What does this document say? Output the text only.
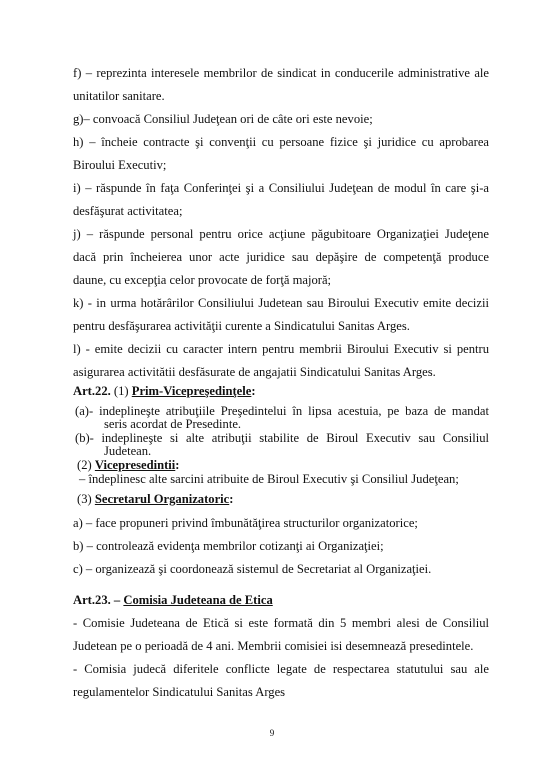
f) – reprezinta interesele membrilor de sindicat in conducerile administrative ale
unitatilor sanitare.
g)– convoacă Consiliul Judeţean ori de câte ori este nevoie;
h) – încheie contracte şi convenţii cu persoane fizice şi juridice cu aprobarea
Biroului Executiv;
i) – răspunde în faţa Conferinţei şi a Consiliului Judeţean de modul în care şi-a
desfăşurat activitatea;
j) – răspunde personal pentru orice acţiune păgubitoare Organizaţiei Judeţene
dacă prin încheierea unor acte juridice sau depăşire de competenţă produce
daune, cu excepţia celor provocate de forţă majoră;
k) - in urma hotărârilor Consiliului Judetean sau Biroului Executiv emite decizii
pentru desfăşurarea activităţii curente a Sindicatului Sanitas Arges.
l) - emite decizii cu caracter intern pentru membrii Biroului Executiv si pentru
asigurarea activitătii desfăsurate de angajatii Sindicatului Sanitas Arges.
Art.22. (1) Prim-Vicepreşedinţele:
(a)- indeplineşte atribuţiile Preşedintelui în lipsa acestuia, pe baza de mandat
seris acordat de Presedinte.
(b)- indeplineşte si alte atribuţii stabilite de Biroul Executiv sau Consiliul
Judetean.
(2) Vicepresedintii:
– îndeplinesc alte sarcini atribuite de Biroul Executiv şi Consiliul Judeţean;
(3) Secretarul Organizatoric:
a) – face propuneri privind îmbunătăţirea structurilor organizatorice;
b) – controlează evidenţa membrilor cotizanţi ai Organizaţiei;
c) – organizează şi coordonează sistemul de Secretariat al Organizaţiei.
Art.23. – Comisia Judeteana de Etica
- Comisie Judeteana de Etică si este formată din 5 membri alesi de Consiliul
Judetean pe o perioadă de 4 ani. Membrii comisiei isi desemnează presedintele.
- Comisia judecă diferitele conflicte legate de respectarea statutului sau ale
regulamentelor Sindicatului Sanitas Arges
9
